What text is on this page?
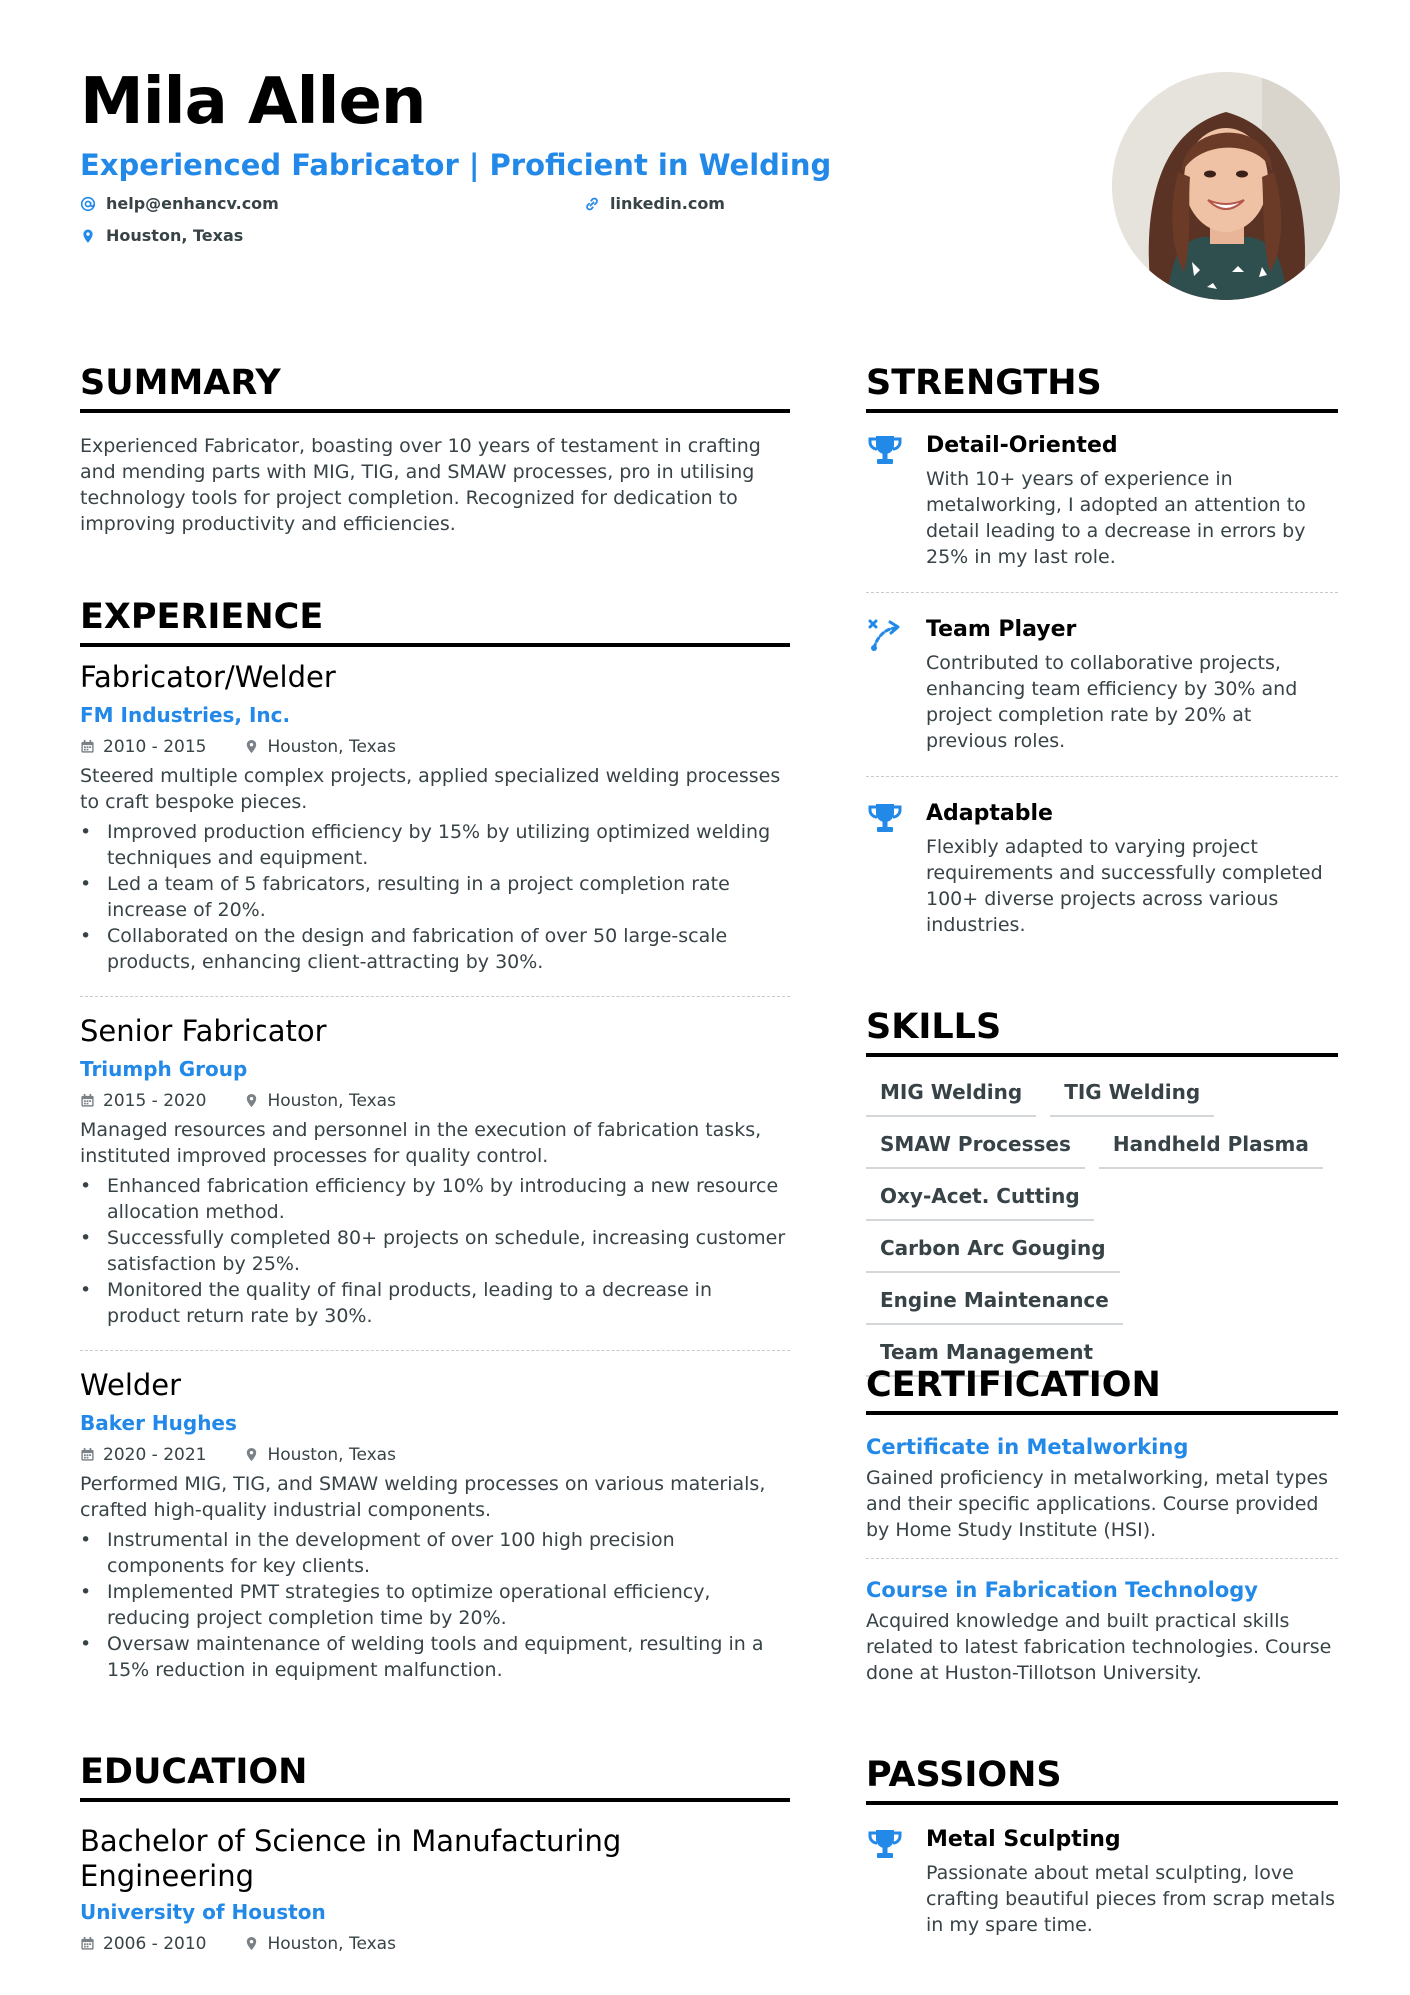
Mila Allen
Experienced Fabricator | Proficient in Welding
help@enhancv.com	linkedin.com
Houston, Texas
SUMMARY

Experienced Fabricator, boasting over 10 years of testament in crafting and mending parts with MIG, TIG, and SMAW processes, pro in utilising technology tools for project completion. Recognized for dedication to improving productivity and efficiencies.

EXPERIENCE
Fabricator/Welder
FM Industries, Inc.
2010 - 2015	Houston, Texas

Steered multiple complex projects, applied specialized welding processes to craft bespoke pieces.

• Improved production efficiency by 15% by utilizing optimized welding techniques and equipment.
• Led a team of 5 fabricators, resulting in a project completion rate increase of 20%.
• Collaborated on the design and fabrication of over 50 large-scale products, enhancing client-attracting by 30%.
Senior Fabricator
Triumph Group
2015 - 2020	Houston, Texas

Managed resources and personnel in the execution of fabrication tasks, instituted improved processes for quality control.

• Enhanced fabrication efficiency by 10% by introducing a new resource allocation method.
• Successfully completed 80+ projects on schedule, increasing customer satisfaction by 25%.
• Monitored the quality of final products, leading to a decrease in product return rate by 30%.
Welder
Baker Hughes
2020 - 2021	Houston, Texas

Performed MIG, TIG, and SMAW welding processes on various materials, crafted high-quality industrial components.

• Instrumental in the development of over 100 high precision components for key clients.
• Implemented PMT strategies to optimize operational efficiency, reducing project completion time by 20%.
• Oversaw maintenance of welding tools and equipment, resulting in a 15% reduction in equipment malfunction.
EDUCATION
Bachelor of Science in Manufacturing Engineering
University of Houston
2006 - 2010	Houston, Texas
STRENGTHS
Detail-Oriented

With 10+ years of experience in metalworking, I adopted an attention to detail leading to a decrease in errors by 25% in my last role.

Team Player

Contributed to collaborative projects, enhancing team efficiency by 30% and project completion rate by 20% at previous roles.

Adaptable

Flexibly adapted to varying project requirements and successfully completed 100+ diverse projects across various industries.

SKILLS
MIG Welding	TIG Welding
SMAW Processes	Handheld Plasma
Oxy-Acet. Cutting
Carbon Arc Gouging
Engine Maintenance
Team Management
CERTIFICATION
Certificate in Metalworking

Gained proficiency in metalworking, metal types and their specific applications. Course provided by Home Study Institute (HSI).

Course in Fabrication Technology

Acquired knowledge and built practical skills related to latest fabrication technologies. Course done at Huston-Tillotson University.

PASSIONS
Metal Sculpting

Passionate about metal sculpting, love crafting beautiful pieces from scrap metals in my spare time.
